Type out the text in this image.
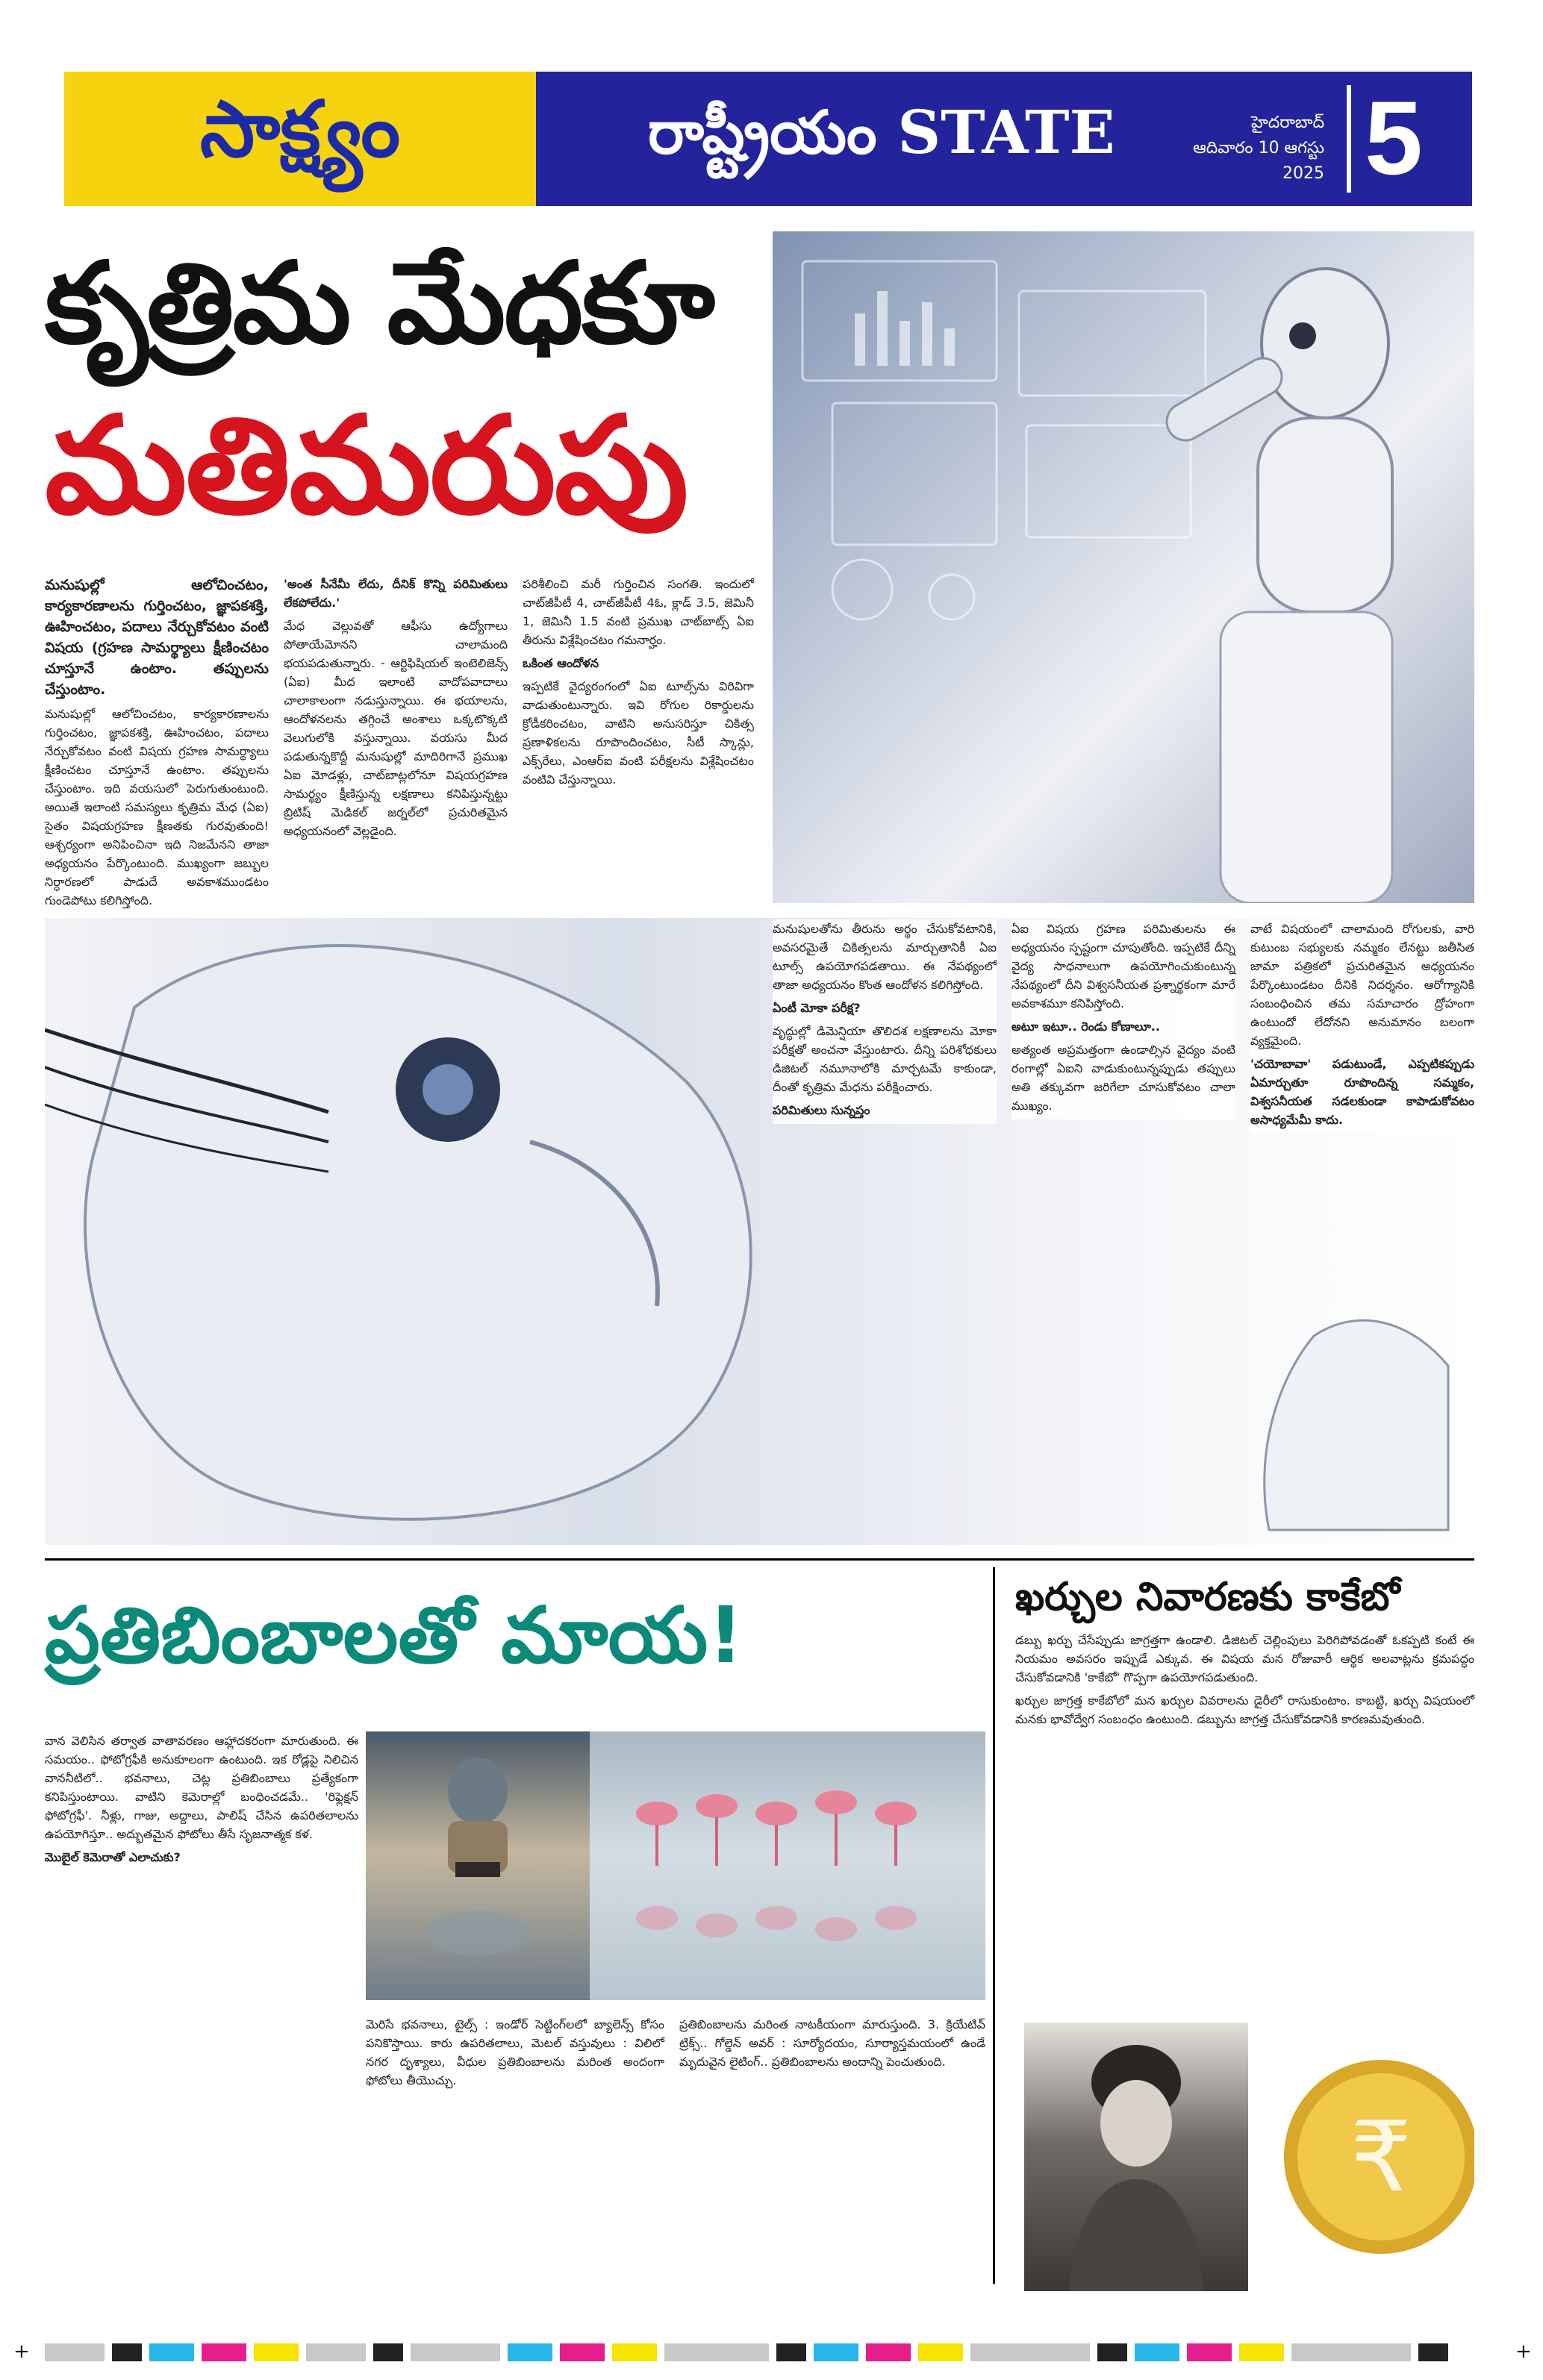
సాక్ష్యం	రాష్ట్రీయం STATE	హైదరాబాద్
ఆదివారం 10 ఆగస్టు 2025 5
కృత్రిమ మేధకూ
మతిమరుపు

మనుషుల్లో ఆలోచించటం, కార్యకారణాలను గుర్తించటం, జ్ఞాపకశక్తి, ఊహించటం, పదాలు నేర్చుకోవటం వంటి విషయ (గ్రహణ సామర్థ్యాలు క్షీణించటం చూస్తూనే ఉంటాం. తప్పులను చేస్తుంటాం.

మనుషుల్లో ఆలోచించటం, కార్యకారణాలను గుర్తించటం, జ్ఞాపకశక్తి, ఊహించటం, పదాలు నేర్చుకోవటం వంటి విషయ గ్రహణ సామర్థ్యాలు క్షీణించటం చూస్తూనే ఉంటాం. తప్పులను చేస్తుంటాం. ఇది వయసులో పెరుగుతుంటుంది. అయితే ఇలాంటి సమస్యలు కృత్రిమ మేధ (ఏఐ) సైతం విషయగ్రహణ క్షీణతకు గురవుతుంది! ఆశ్చర్యంగా అనిపించినా ఇది నిజమేనని తాజా అధ్యయనం పేర్కొంటుంది. ముఖ్యంగా జబ్బుల నిర్ధారణలో పాడుదే అవకాశముండటం గుండెపోటు కలిగిస్తోంది.

'అంత సీనేమీ లేదు, దీనిక్ కొన్ని పరిమితులు లేకపోలేదు.'

మేధ వెల్లువతో ఆఫీసు ఉద్యోగాలు పోతాయేమోనని చాలామంది భయపడుతున్నారు. - ఆర్టిఫిషియల్ ఇంటెలిజెన్స్ (ఏఐ) మీద ఇలాంటి వాదోపవాదాలు చాలాకాలంగా నడుస్తున్నాయి. ఈ భయాలను, ఆందోళనలను తగ్గించే అంశాలు ఒక్కటొక్కటి వెలుగులోకి వస్తున్నాయి. వయసు మీద పడుతున్నకొద్దీ మనుషుల్లో మాదిరిగానే ప్రముఖ ఏఐ మోడళ్లు, చాట్‌బాట్లలోనూ విషయగ్రహణ సామర్థ్యం క్షీణిస్తున్న లక్షణాలు కనిపిస్తున్నట్టు బ్రిటిష్ మెడికల్ జర్నల్‌లో ప్రచురితమైన అధ్యయనంలో వెల్లడైంది.

పరిశీలించి మరీ గుర్తించిన సంగతి. ఇందులో చాట్‌జీపీటీ 4, చాట్‌జీపీటీ 4ఓ, క్లాడ్ 3.5, జెమినీ 1, జెమినీ 1.5 వంటి ప్రముఖ చాట్‌బాట్స్ ఏఐ తీరును విశ్లేషించటం గమనార్హం.

ఒకింత ఆందోళన

ఇప్పటికే వైద్యరంగంలో ఏఐ టూల్స్‌ను విరివిగా వాడుతుంటున్నారు. ఇవి రోగుల రికార్డులను క్రోడీకరించటం, వాటిని అనుసరిస్తూ చికిత్స ప్రణాళికలను రూపొందించటం, సీటీ స్కాన్లు, ఎక్స్‌రేలు, ఎంఆర్‌ఐ వంటి పరీక్షలను విశ్లేషించటం వంటివి చేస్తున్నాయి.

మనుషులతోను తీరును అర్థం చేసుకోవటానికి, అవసరమైతే చికిత్సలను మార్చుతానికీ ఏఐ టూల్స్ ఉపయోగపడతాయి. ఈ నేపథ్యంలో తాజా అధ్యయనం కొంత ఆందోళన కలిగిస్తోంది.

ఏంటీ మోకా పరీక్ష?

వృద్ధుల్లో డిమెన్షియా తొలిదశ లక్షణాలను మోకా పరీక్షతో అంచనా వేస్తుంటారు. దీన్ని పరిశోధకులు డిజిటల్ నమూనాలోకి మార్చటమే కాకుండా, దీంతో కృత్రిమ మేధను పరీక్షించారు.

పరిమితులు సున్నప్తం

ఏఐ విషయ గ్రహణ పరిమితులను ఈ అధ్యయనం స్పష్టంగా చూపుతోంది. ఇప్పటికే దీన్ని వైద్య సాధనాలుగా ఉపయోగించుకుంటున్న నేపథ్యంలో దీని విశ్వసనీయత ప్రశ్నార్థకంగా మారే అవకాశమూ కనిపిస్తోంది.

అటూ ఇటూ.. రెండు కోణాలూ..

అత్యంత అప్రమత్తంగా ఉండాల్సిన వైద్యం వంటి రంగాల్లో ఏఐని వాడుకుంటున్నప్పుడు తప్పులు అతి తక్కువగా జరిగేలా చూసుకోవటం చాలా ముఖ్యం.

వాటే విషయంలో చాలామంది రోగులకు, వారి కుటుంబ సభ్యులకు నమ్మకం లేనట్టు జతీసిత జామా పత్రికలో ప్రచురితమైన అధ్యయనం పేర్కొంటుండటం దీనికి నిదర్శనం. ఆరోగ్యానికి సంబంధించిన తమ సమాచారం ద్రోహంగా ఉంటుందో లేదోనని అనుమానం బలంగా వ్యక్తమైంది.

'చయోబావా' పడుటుండే, ఎప్పటికప్పుడు ఏమార్చుతూ రూపొందిన్న సమ్మకం, విశ్వసనీయత సడలకుండా కాపాడుకోవటం అసాధ్యమేమీ కాదు.

ప్రతిబింబాలతో మాయ!

వాన వెలిసిన తర్వాత వాతావరణం ఆహ్లాదకరంగా మారుతుంది. ఈ సమయం.. ఫోటోగ్రఫీకి అనుకూలంగా ఉంటుంది. ఇక రోడ్లపై నిలిచిన వాననీటిలో.. భవనాలు, చెట్ల ప్రతిబింబాలు ప్రత్యేకంగా కనిపిస్తుంటాయి. వాటిని కెమెరాల్లో బంధించడమే.. 'రిఫ్లెక్షన్ ఫోటోగ్రఫీ'. నీళ్లు, గాజు, అద్దాలు, పాలిష్ చేసిన ఉపరితలాలను ఉపయోగిస్తూ.. అద్భుతమైన ఫోటోలు తీసే సృజనాత్మక కళ.

మొబైల్ కెమెరాతో ఎలాచుకు?

మెరిసే భవనాలు, టైల్స్ : ఇండోర్ సెట్టింగ్‌లలో బ్యాలెన్స్ కోసం పనికొస్తాయి. కారు ఉపరితలాలు, మెటల్ వస్తువులు : విలిలో నగర దృశ్యాలు, వీధుల ప్రతిబింబాలను మరింత అందంగా ఫోటోలు తీయొచ్చు.

ప్రతిబింబాలను మరింత నాటకీయంగా మారుస్తుంది. 3. క్రియేటివ్ ట్రిక్స్.. గోల్డెన్ అవర్ : సూర్యోదయం, సూర్యాస్తమయంలో ఉండే మృదువైన లైటింగ్.. ప్రతిబింబాలను అందాన్ని పెంచుతుంది.

ఖర్చుల నివారణకు కాకేబో

డబ్బు ఖర్చు చేసేప్పుడు జాగ్రత్తగా ఉండాలి. డిజిటల్ చెల్లింపులు పెరిగిపోవడంతో ఓకప్పటి కంటే ఈ నియమం అవసరం ఇప్పుడే ఎక్కువ. ఈ విషయ మన రోజువారీ ఆర్థిక అలవాట్లను క్రమపద్ధం చేసుకోవడానికి 'కాకేబో' గొప్పగా ఉపయోగపడుతుంది.

ఖర్చుల జాగ్రత్త కాకేబోలో మన ఖర్చుల వివరాలను డైరీలో రాసుకుంటాం. కాబట్టి, ఖర్చు విషయంలో మనకు భావోద్వేగ సంబంధం ఉంటుంది. డబ్బును జాగ్రత్త చేసుకోవడానికి కారణమవుతుంది.

₹
+	+
